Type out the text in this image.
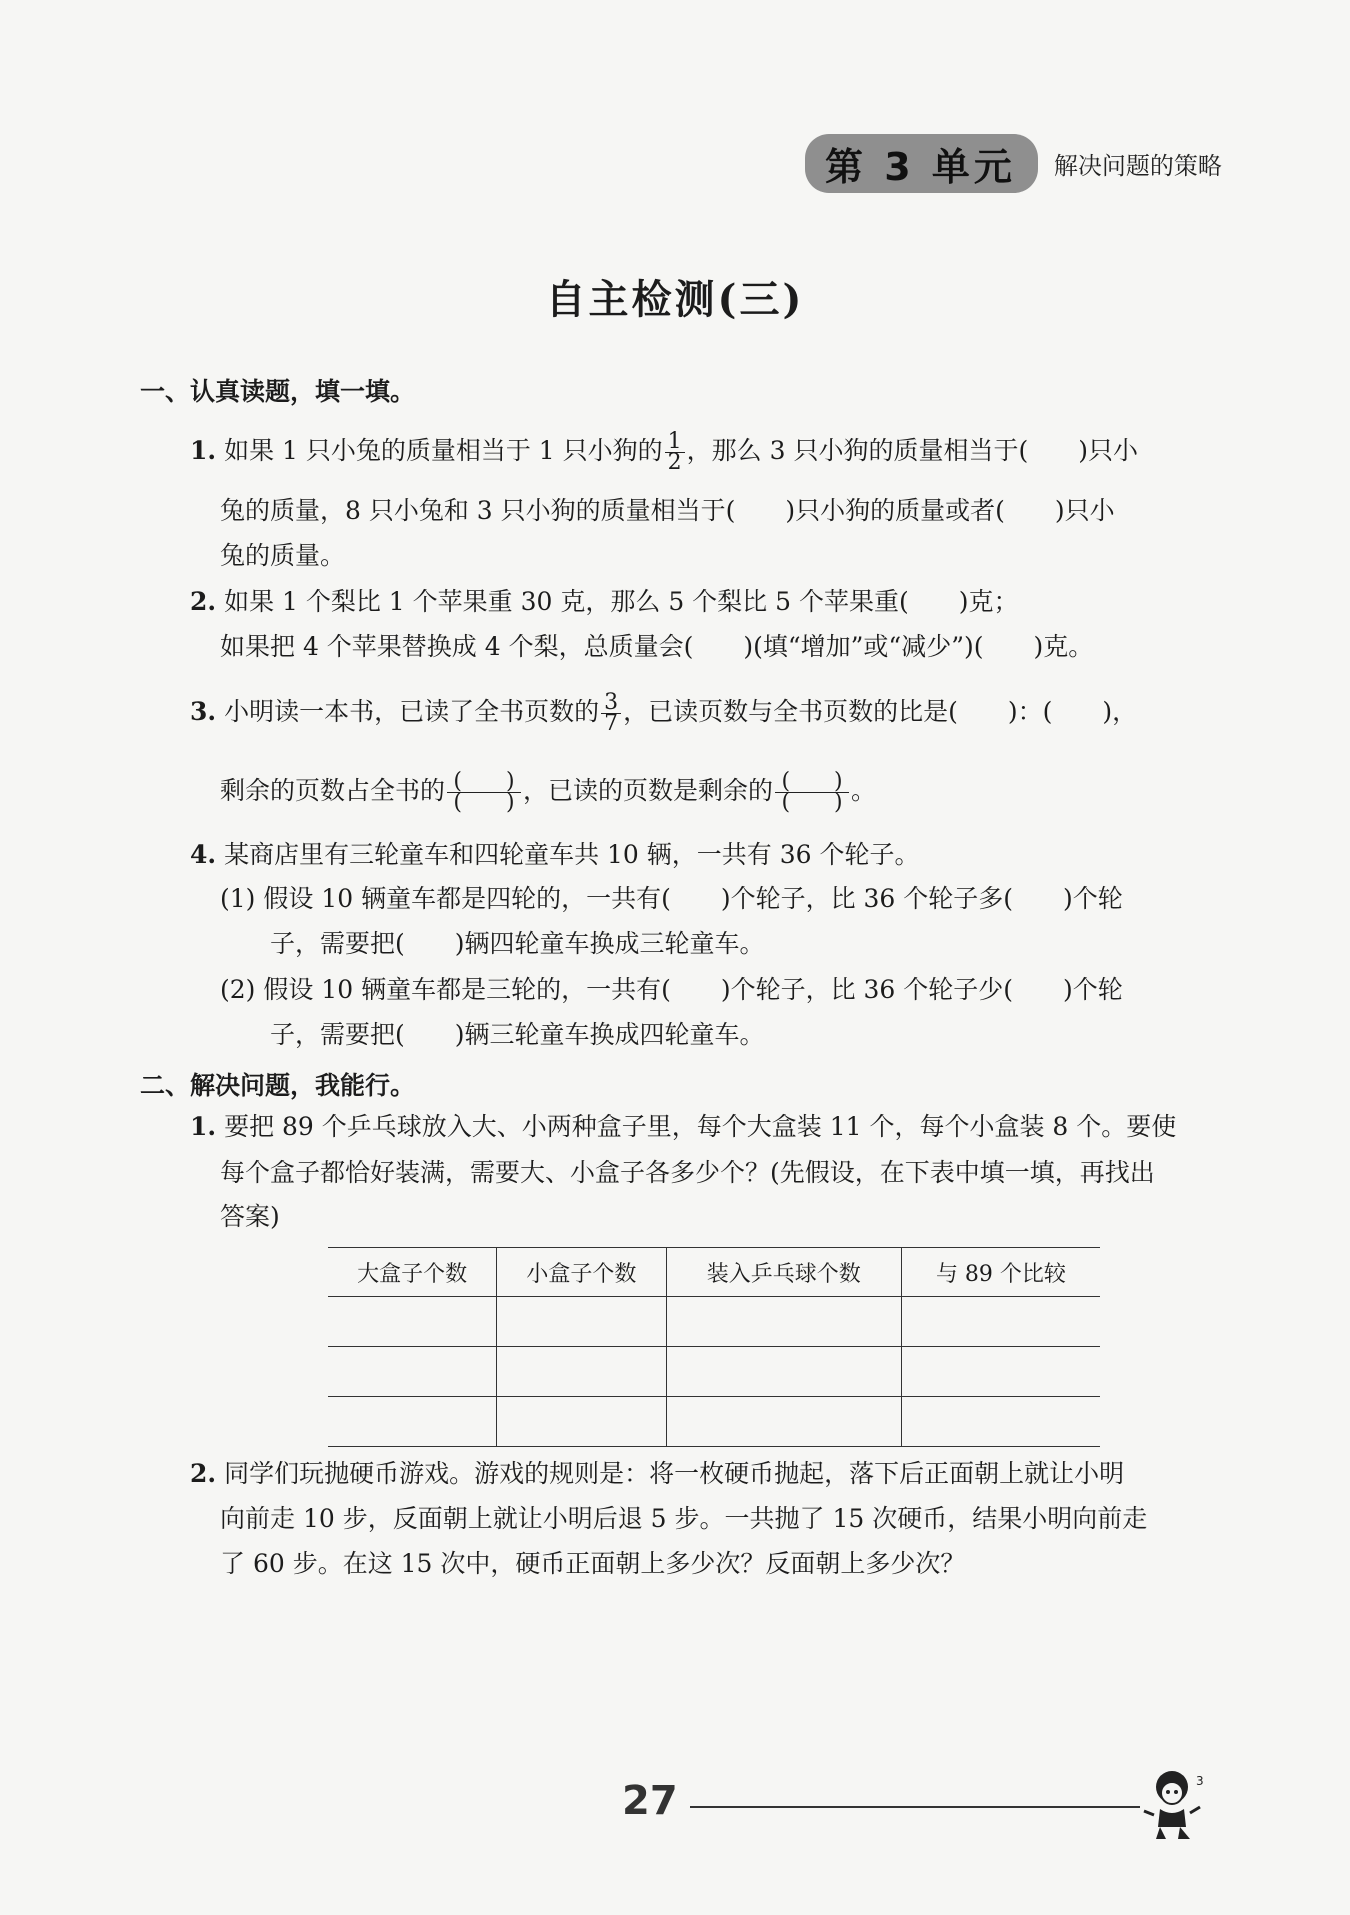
第 3 单元	解决问题的策略
自主检测(三)
一、认真读题，填一填。
1. 如果 1 只小兔的质量相当于 1 只小狗的 $\frac{1}{2}$ ，那么 3 只小狗的质量相当于(　　)只小
兔的质量，8 只小兔和 3 只小狗的质量相当于(　　)只小狗的质量或者(　　)只小
兔的质量。
2. 如果 1 个梨比 1 个苹果重 30 克，那么 5 个梨比 5 个苹果重(　　)克；
如果把 4 个苹果替换成 4 个梨，总质量会(　　)(填“增加”或“减少”)(　　)克。
3. 小明读一本书，已读了全书页数的 $\frac{3}{7}$ ，已读页数与全书页数的比是(　　)：(　　)，
剩余的页数占全书的 $\frac{( )}{( )}$ ，已读的页数是剩余的 $\frac{( )}{( )}$ 。
4. 某商店里有三轮童车和四轮童车共 10 辆，一共有 36 个轮子。
(1) 假设 10 辆童车都是四轮的，一共有(　　)个轮子，比 36 个轮子多(　　)个轮
子，需要把(　　)辆四轮童车换成三轮童车。
(2) 假设 10 辆童车都是三轮的，一共有(　　)个轮子，比 36 个轮子少(　　)个轮
子，需要把(　　)辆三轮童车换成四轮童车。
二、解决问题，我能行。
1. 要把 89 个乒乓球放入大、小两种盒子里，每个大盒装 11 个，每个小盒装 8 个。要使
每个盒子都恰好装满，需要大、小盒子各多少个？(先假设，在下表中填一填，再找出
答案)
大盒子个数	小盒子个数	装入乒乓球个数	与 89 个比较

2. 同学们玩抛硬币游戏。游戏的规则是：将一枚硬币抛起，落下后正面朝上就让小明
向前走 10 步，反面朝上就让小明后退 5 步。一共抛了 15 次硬币，结果小明向前走
了 60 步。在这 15 次中，硬币正面朝上多少次？反面朝上多少次？
27	3
